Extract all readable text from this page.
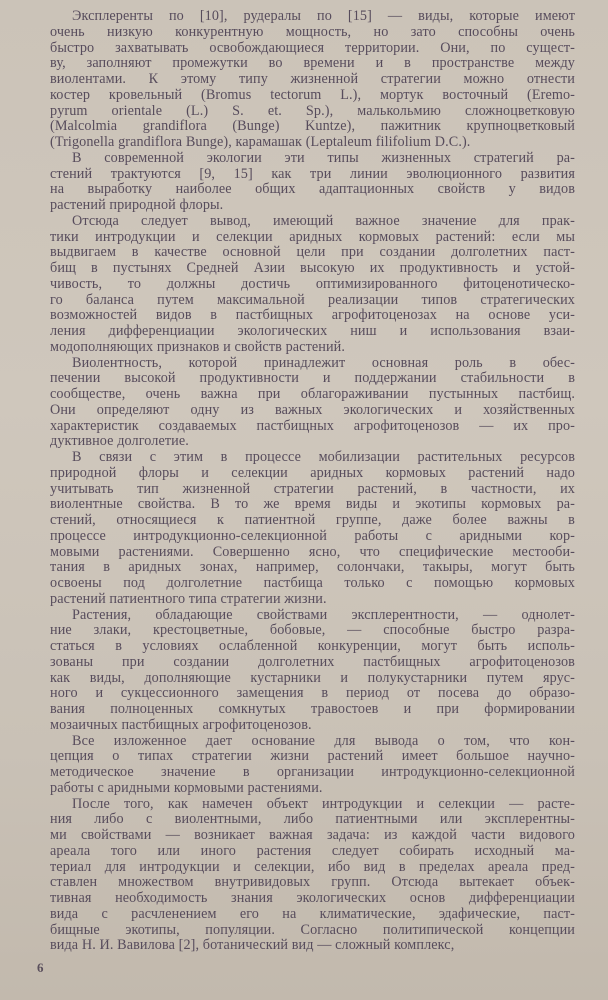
Эксплеренты по [10], рудералы по [15] — виды, которые имеют
очень низкую конкурентную мощность, но зато способны очень
быстро захватывать освобождающиеся территории. Они, по сущест-
ву, заполняют промежутки во времени и в пространстве между
виолентами. К этому типу жизненной стратегии можно отнести
костер кровельный (Bromus tectorum L.), мортук восточный (Eremo-
pyrum orientale (L.) S. et. Sp.), малькольмию сложноцветковую
(Malcolmia grandiflora (Bunge) Kuntze), пажитник крупноцветковый
(Trigonella grandiflora Bunge), карамашак (Leptaleum filifolium D.C.).
В современной экологии эти типы жизненных стратегий ра-
стений трактуются [9, 15] как три линии эволюционного развития
на выработку наиболее общих адаптационных свойств у видов
растений природной флоры.
Отсюда следует вывод, имеющий важное значение для прак-
тики интродукции и селекции аридных кормовых растений: если мы
выдвигаем в качестве основной цели при создании долголетних паст-
бищ в пустынях Средней Азии высокую их продуктивность и устой-
чивость, то должны достичь оптимизированного фитоценотическо-
го баланса путем максимальной реализации типов стратегических
возможностей видов в пастбищных агрофитоценозах на основе уси-
ления дифференциации экологических ниш и использования взаи-
модополняющих признаков и свойств растений.
Виолентность, которой принадлежит основная роль в обес-
печении высокой продуктивности и поддержании стабильности в
сообществе, очень важна при облагораживании пустынных пастбищ.
Они определяют одну из важных экологических и хозяйственных
характеристик создаваемых пастбищных агрофитоценозов — их про-
дуктивное долголетие.
В связи с этим в процессе мобилизации растительных ресурсов
природной флоры и селекции аридных кормовых растений надо
учитывать тип жизненной стратегии растений, в частности, их
виолентные свойства. В то же время виды и экотипы кормовых ра-
стений, относящиеся к патиентной группе, даже более важны в
процессе интродукционно-селекционной работы с аридными кор-
мовыми растениями. Совершенно ясно, что специфические местооби-
тания в аридных зонах, например, солончаки, такыры, могут быть
освоены под долголетние пастбища только с помощью кормовых
растений патиентного типа стратегии жизни.
Растения, обладающие свойствами эксплерентности, — однолет-
ние злаки, крестоцветные, бобовые, — способные быстро разра-
статься в условиях ослабленной конкуренции, могут быть исполь-
зованы при создании долголетних пастбищных агрофитоценозов
как виды, дополняющие кустарники и полукустарники путем ярус-
ного и сукцессионного замещения в период от посева до образо-
вания полноценных сомкнутых травостоев и при формировании
мозаичных пастбищных агрофитоценозов.
Все изложенное дает основание для вывода о том, что кон-
цепция о типах стратегии жизни растений имеет большое научно-
методическое значение в организации интродукционно-селекционной
работы с аридными кормовыми растениями.
После того, как намечен объект интродукции и селекции — расте-
ния либо с виолентными, либо патиентными или эксплерентны-
ми свойствами — возникает важная задача: из каждой части видового
ареала того или иного растения следует собирать исходный ма-
териал для интродукции и селекции, ибо вид в пределах ареала пред-
ставлен множеством внутривидовых групп. Отсюда вытекает объек-
тивная необходимость знания экологических основ дифференциации
вида с расчленением его на климатические, эдафические, паст-
бищные экотипы, популяции. Согласно политипической концепции
вида Н. И. Вавилова [2], ботанический вид — сложный комплекс,
6
